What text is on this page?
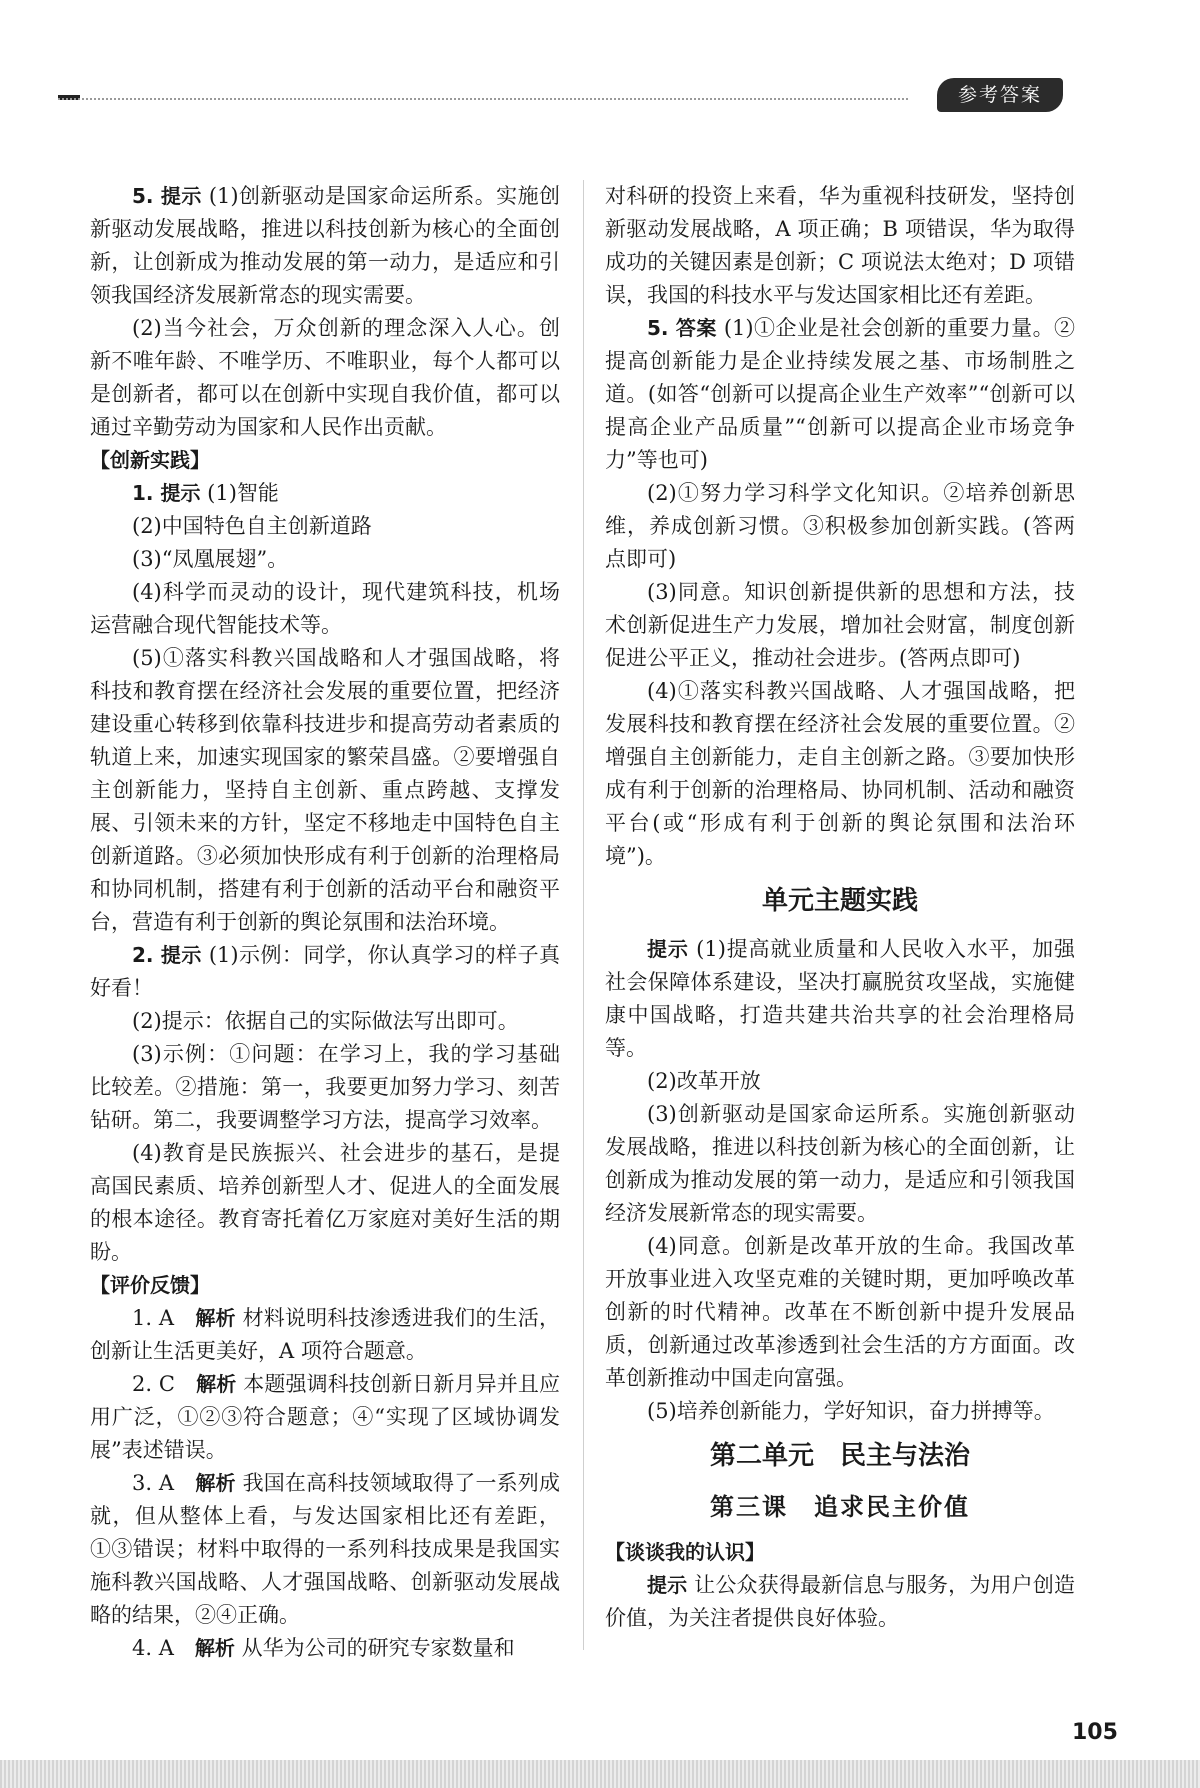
参考答案

5. 提示 (1)创新驱动是国家命运所系。实施创新驱动发展战略，推进以科技创新为核心的全面创新，让创新成为推动发展的第一动力，是适应和引领我国经济发展新常态的现实需要。

(2)当今社会，万众创新的理念深入人心。创新不唯年龄、不唯学历、不唯职业，每个人都可以是创新者，都可以在创新中实现自我价值，都可以通过辛勤劳动为国家和人民作出贡献。

【创新实践】

1. 提示 (1)智能

(2)中国特色自主创新道路

(3)“凤凰展翅”。

(4)科学而灵动的设计，现代建筑科技，机场运营融合现代智能技术等。

(5)①落实科教兴国战略和人才强国战略，将科技和教育摆在经济社会发展的重要位置，把经济建设重心转移到依靠科技进步和提高劳动者素质的轨道上来，加速实现国家的繁荣昌盛。②要增强自主创新能力，坚持自主创新、重点跨越、支撑发展、引领未来的方针，坚定不移地走中国特色自主创新道路。③必须加快形成有利于创新的治理格局和协同机制，搭建有利于创新的活动平台和融资平台，营造有利于创新的舆论氛围和法治环境。

2. 提示 (1)示例：同学，你认真学习的样子真好看！

(2)提示：依据自己的实际做法写出即可。

(3)示例：①问题：在学习上，我的学习基础比较差。②措施：第一，我要更加努力学习、刻苦钻研。第二，我要调整学习方法，提高学习效率。

(4)教育是民族振兴、社会进步的基石，是提高国民素质、培养创新型人才、促进人的全面发展的根本途径。教育寄托着亿万家庭对美好生活的期盼。

【评价反馈】

1. A　解析 材料说明科技渗透进我们的生活，创新让生活更美好，A 项符合题意。

2. C　解析 本题强调科技创新日新月异并且应用广泛，①②③符合题意；④“实现了区域协调发展”表述错误。

3. A　解析 我国在高科技领域取得了一系列成就，但从整体上看，与发达国家相比还有差距，①③错误；材料中取得的一系列科技成果是我国实施科教兴国战略、人才强国战略、创新驱动发展战略的结果，②④正确。

4. A　解析 从华为公司的研究专家数量和

对科研的投资上来看，华为重视科技研发，坚持创新驱动发展战略，A 项正确；B 项错误，华为取得成功的关键因素是创新；C 项说法太绝对；D 项错误，我国的科技水平与发达国家相比还有差距。

5. 答案 (1)①企业是社会创新的重要力量。②提高创新能力是企业持续发展之基、市场制胜之道。(如答“创新可以提高企业生产效率”“创新可以提高企业产品质量”“创新可以提高企业市场竞争力”等也可)

(2)①努力学习科学文化知识。②培养创新思维，养成创新习惯。③积极参加创新实践。(答两点即可)

(3)同意。知识创新提供新的思想和方法，技术创新促进生产力发展，增加社会财富，制度创新促进公平正义，推动社会进步。(答两点即可)

(4)①落实科教兴国战略、人才强国战略，把发展科技和教育摆在经济社会发展的重要位置。②增强自主创新能力，走自主创新之路。③要加快形成有利于创新的治理格局、协同机制、活动和融资平台(或“形成有利于创新的舆论氛围和法治环境”)。

单元主题实践

提示 (1)提高就业质量和人民收入水平，加强社会保障体系建设，坚决打赢脱贫攻坚战，实施健康中国战略，打造共建共治共享的社会治理格局等。

(2)改革开放

(3)创新驱动是国家命运所系。实施创新驱动发展战略，推进以科技创新为核心的全面创新，让创新成为推动发展的第一动力，是适应和引领我国经济发展新常态的现实需要。

(4)同意。创新是改革开放的生命。我国改革开放事业进入攻坚克难的关键时期，更加呼唤改革创新的时代精神。改革在不断创新中提升发展品质，创新通过改革渗透到社会生活的方方面面。改革创新推动中国走向富强。

(5)培养创新能力，学好知识，奋力拼搏等。

第二单元　民主与法治
第三课　追求民主价值

【谈谈我的认识】

提示 让公众获得最新信息与服务，为用户创造价值，为关注者提供良好体验。

105
